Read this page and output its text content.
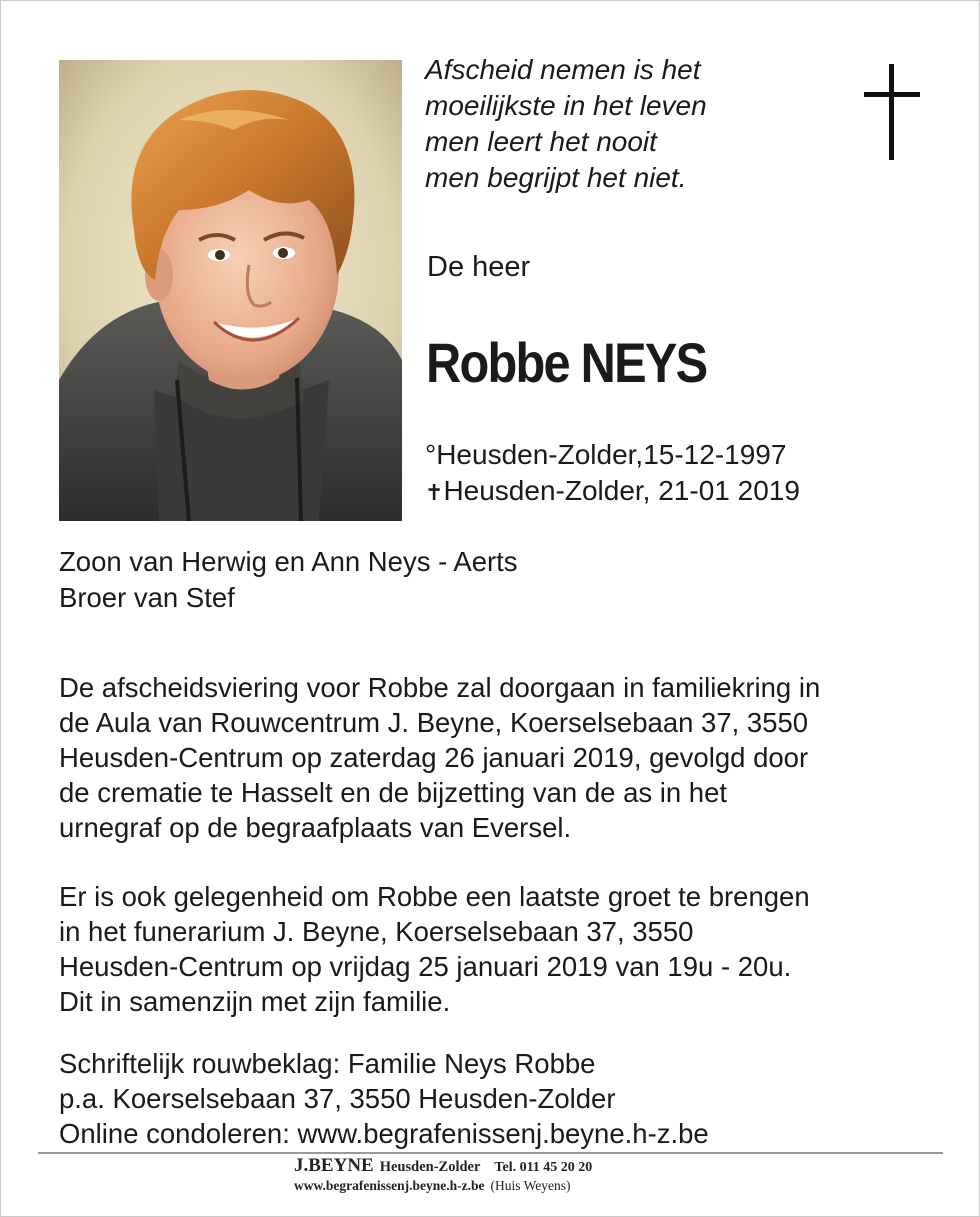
Afscheid nemen is het
moeilijkste in het leven
men leert het nooit
men begrijpt het niet.
De heer
Robbe NEYS
°Heusden-Zolder,15-12-1997
✝Heusden-Zolder, 21-01 2019
Zoon van Herwig en Ann Neys - Aerts
Broer van Stef
De afscheidsviering voor Robbe zal doorgaan in familiekring in
de Aula van Rouwcentrum J. Beyne, Koerselsebaan 37, 3550
Heusden-Centrum op zaterdag 26 januari 2019, gevolgd door
de crematie te Hasselt en de bijzetting van de as in het
urnegraf op de begraafplaats van Eversel.
Er is ook gelegenheid om Robbe een laatste groet te brengen
in het funerarium J. Beyne, Koerselsebaan 37, 3550
Heusden-Centrum op vrijdag 25 januari 2019 van 19u - 20u.
Dit in samenzijn met zijn familie.
Schriftelijk rouwbeklag: Familie Neys Robbe
p.a. Koerselsebaan 37, 3550 Heusden-Zolder
Online condoleren: www.begrafenissenj.beyne.h-z.be
J.BEYNE Heusden-Zolder Tel. 011 45 20 20
www.begrafenissenj.beyne.h-z.be (Huis Weyens)
